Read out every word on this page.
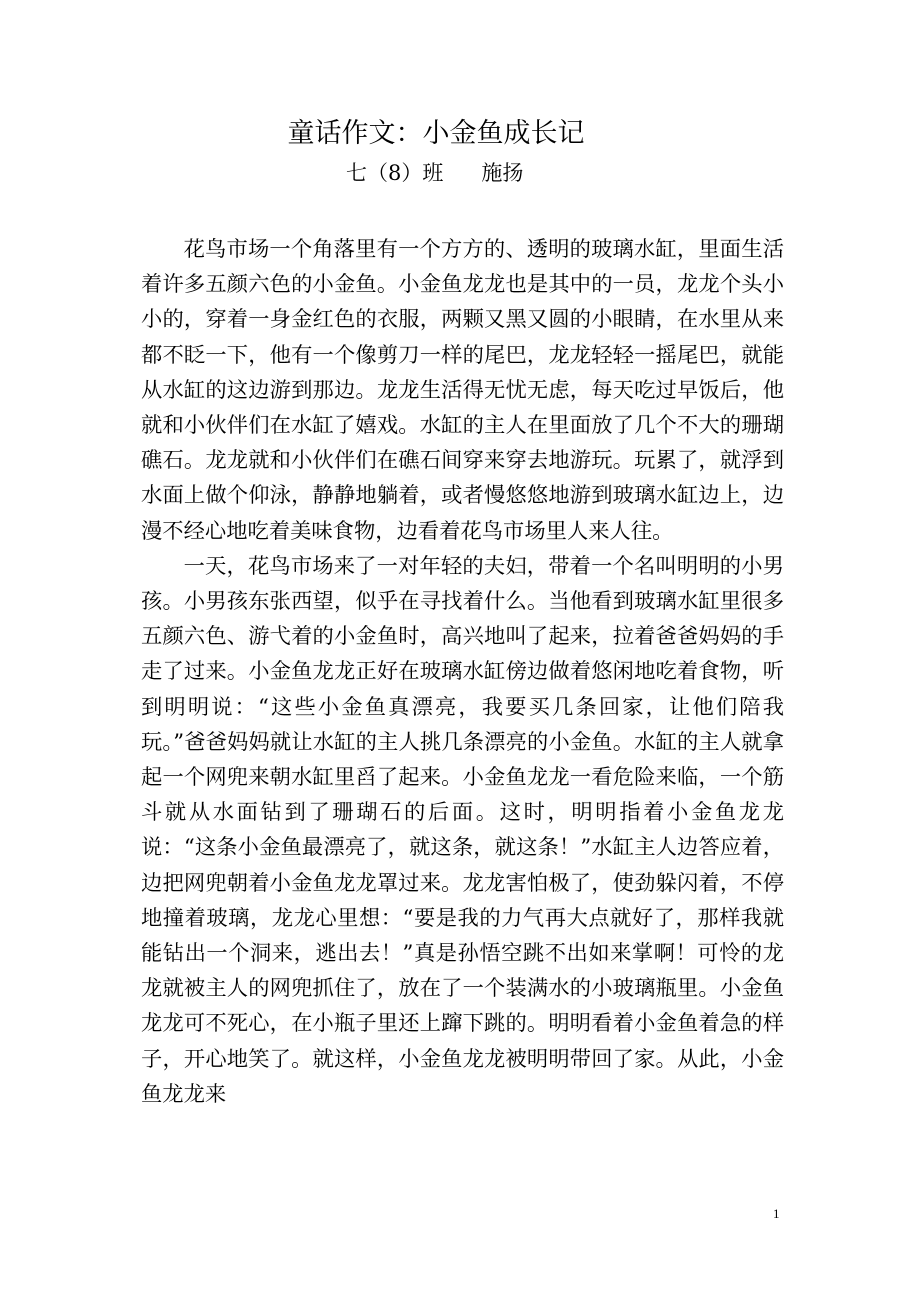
童话作文：小金鱼成长记
七（8）班 施扬

花鸟市场一个角落里有一个方方的、透明的玻璃水缸，里面生活着许多五颜六色的小金鱼。小金鱼龙龙也是其中的一员，龙龙个头小小的，穿着一身金红色的衣服，两颗又黑又圆的小眼睛，在水里从来都不眨一下，他有一个像剪刀一样的尾巴，龙龙轻轻一摇尾巴，就能从水缸的这边游到那边。龙龙生活得无忧无虑，每天吃过早饭后，他就和小伙伴们在水缸了嬉戏。水缸的主人在里面放了几个不大的珊瑚礁石。龙龙就和小伙伴们在礁石间穿来穿去地游玩。玩累了，就浮到水面上做个仰泳，静静地躺着，或者慢悠悠地游到玻璃水缸边上，边漫不经心地吃着美味食物，边看着花鸟市场里人来人往。

一天，花鸟市场来了一对年轻的夫妇，带着一个名叫明明的小男孩。小男孩东张西望，似乎在寻找着什么。当他看到玻璃水缸里很多五颜六色、游弋着的小金鱼时，高兴地叫了起来，拉着爸爸妈妈的手走了过来。小金鱼龙龙正好在玻璃水缸傍边做着悠闲地吃着食物，听到明明说：“这些小金鱼真漂亮，我要买几条回家，让他们陪我玩。”爸爸妈妈就让水缸的主人挑几条漂亮的小金鱼。水缸的主人就拿起一个网兜来朝水缸里舀了起来。小金鱼龙龙一看危险来临，一个筋斗就从水面钻到了珊瑚石的后面。这时，明明指着小金鱼龙龙说：“这条小金鱼最漂亮了，就这条，就这条！”水缸主人边答应着，边把网兜朝着小金鱼龙龙罩过来。龙龙害怕极了，使劲躲闪着，不停地撞着玻璃，龙龙心里想：“要是我的力气再大点就好了，那样我就能钻出一个洞来，逃出去！”真是孙悟空跳不出如来掌啊！可怜的龙龙就被主人的网兜抓住了，放在了一个装满水的小玻璃瓶里。小金鱼龙龙可不死心，在小瓶子里还上蹿下跳的。明明看着小金鱼着急的样子，开心地笑了。就这样，小金鱼龙龙被明明带回了家。从此，小金鱼龙龙来

1
